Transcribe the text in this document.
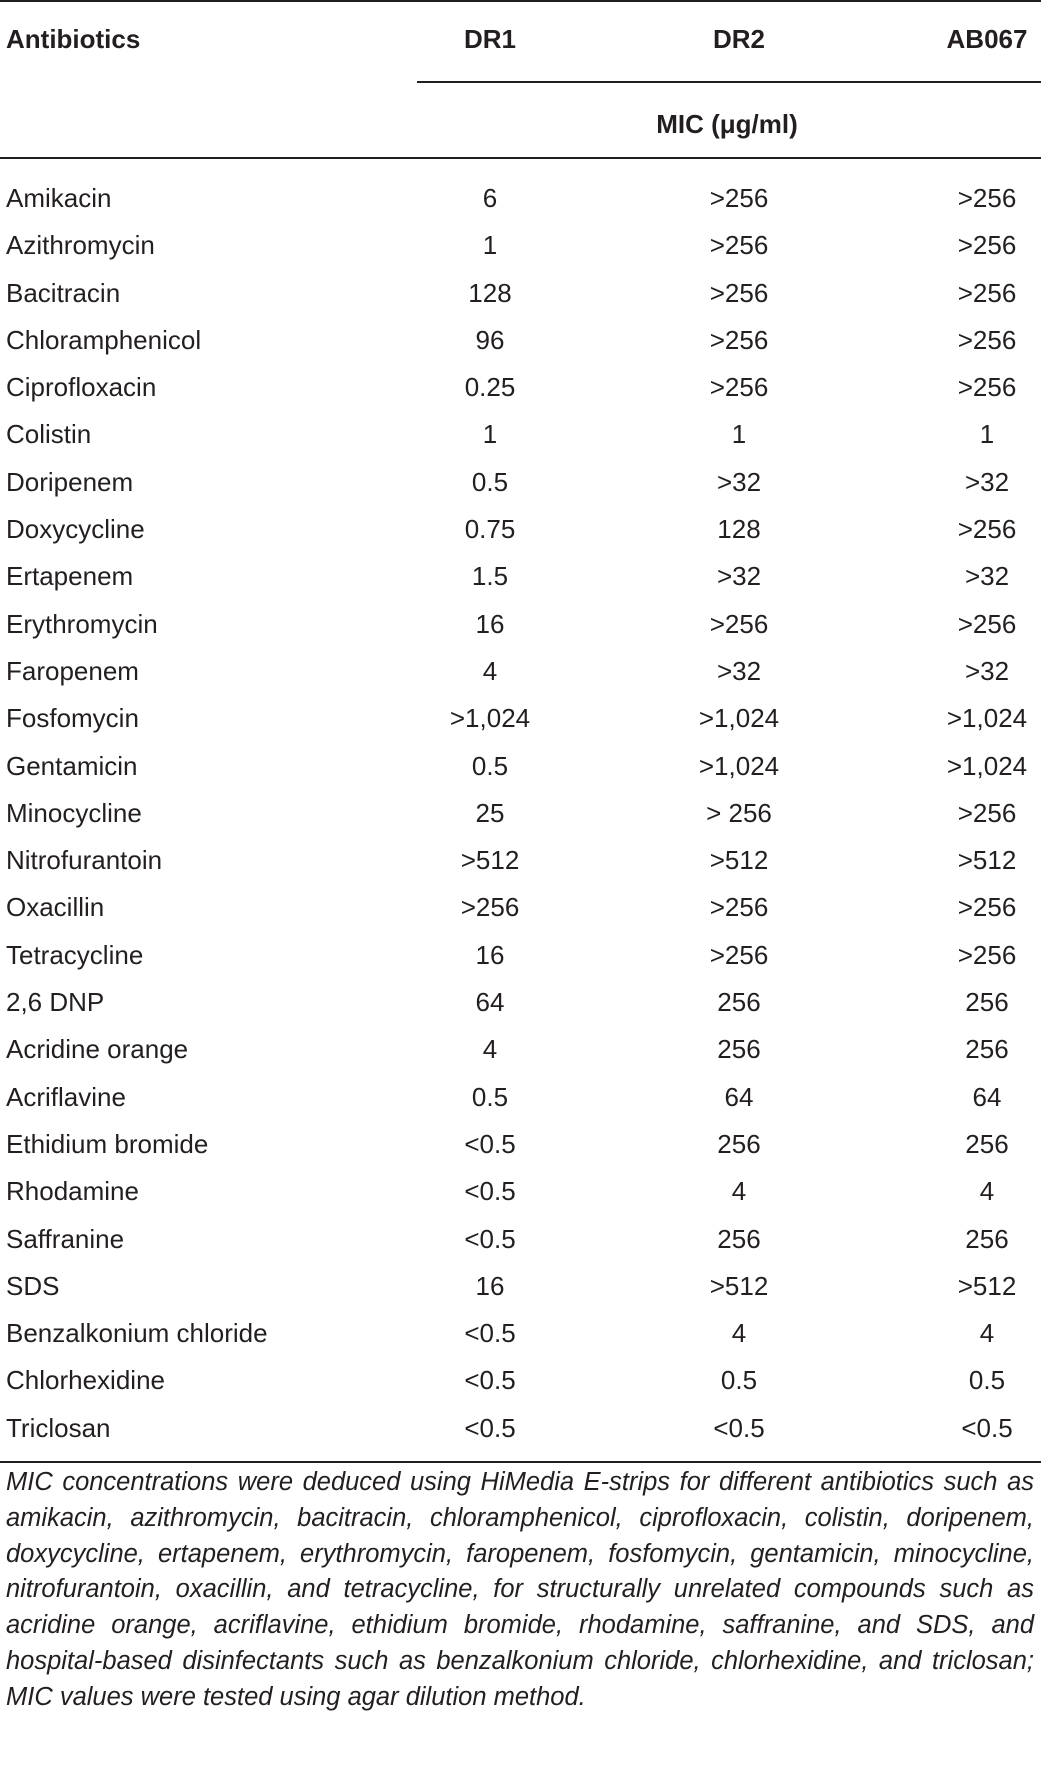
Antibiotics	DR1	DR2	AB067
MIC (μg/ml)
Amikacin	6	>256	>256
Azithromycin	1	>256	>256
Bacitracin	128	>256	>256
Chloramphenicol	96	>256	>256
Ciprofloxacin	0.25	>256	>256
Colistin	1	1	1
Doripenem	0.5	>32	>32
Doxycycline	0.75	128	>256
Ertapenem	1.5	>32	>32
Erythromycin	16	>256	>256
Faropenem	4	>32	>32
Fosfomycin	>1,024	>1,024	>1,024
Gentamicin	0.5	>1,024	>1,024
Minocycline	25	> 256	>256
Nitrofurantoin	>512	>512	>512
Oxacillin	>256	>256	>256
Tetracycline	16	>256	>256
2,6 DNP	64	256	256
Acridine orange	4	256	256
Acriflavine	0.5	64	64
Ethidium bromide	<0.5	256	256
Rhodamine	<0.5	4	4
Saffranine	<0.5	256	256
SDS	16	>512	>512
Benzalkonium chloride	<0.5	4	4
Chlorhexidine	<0.5	0.5	0.5
Triclosan	<0.5	<0.5	<0.5
MIC concentrations were deduced using HiMedia E-strips for different antibiotics such as amikacin, azithromycin, bacitracin, chloramphenicol, ciprofloxacin, colistin, doripenem, doxycycline, ertapenem, erythromycin, faropenem, fosfomycin, gentamicin, minocycline, nitrofurantoin, oxacillin, and tetracycline, for structurally unrelated compounds such as acridine orange, acriflavine, ethidium bromide, rhodamine, saffranine, and SDS, and hospital-based disinfectants such as benzalkonium chloride, chlorhexidine, and triclosan; MIC values were tested using agar dilution method.
